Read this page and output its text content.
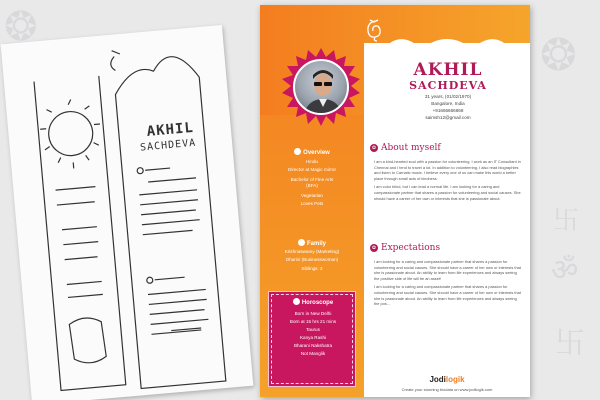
❂
❂
卐
ॐ
卐
AKHIL
SACHDEVA
AKHIL
SACHDEVA
31 years, (01/02/1970)
Bangalore, India
+91666666668
saimsh12@gmail.com
Overview
Hindu
Director at Magic mirror
Bachelor of Fine Arts
(BFA)
Vegetarian
Loves Pets
Family
Krishnaswamy (Marketing)
Dharini (Businesswoman)
Siblings: 2
Horoscope
Born in New Delhi
Born at 15 hrs 21 mins
Taurus
Kanya Rashi
Bharani Nakshatra
Not Manglik
✿ About myself

I am a kind-hearted soul with a passion for volunteering. I work as an IT Consultant in Chennai and I tend to travel a lot. In addition to volunteering, I also read biographies and listen to Carnatic music. I believe every one of us can make this world a better place through small acts of kindness.

I am color blind, but I can lead a normal life. I am looking for a caring and compassionate partner that shares a passion for volunteering and social causes. She should have a career of her own or interests that she is passionate about.

✿ Expectations

I am looking for a caring and compassionate partner that shares a passion for volunteering and social causes. She should have a career of her own or interests that she is passionate about. An ability to learn from life experiences and always seeing the positive side of life will be an asset!

I am looking for a caring and compassionate partner that shares a passion for volunteering and social causes. She should have a career of her own or interests that she is passionate about. An ability to learn from life experiences and always seeing the pos...

Jodilogik
Create your stunning biodata on www.jodilogik.com
